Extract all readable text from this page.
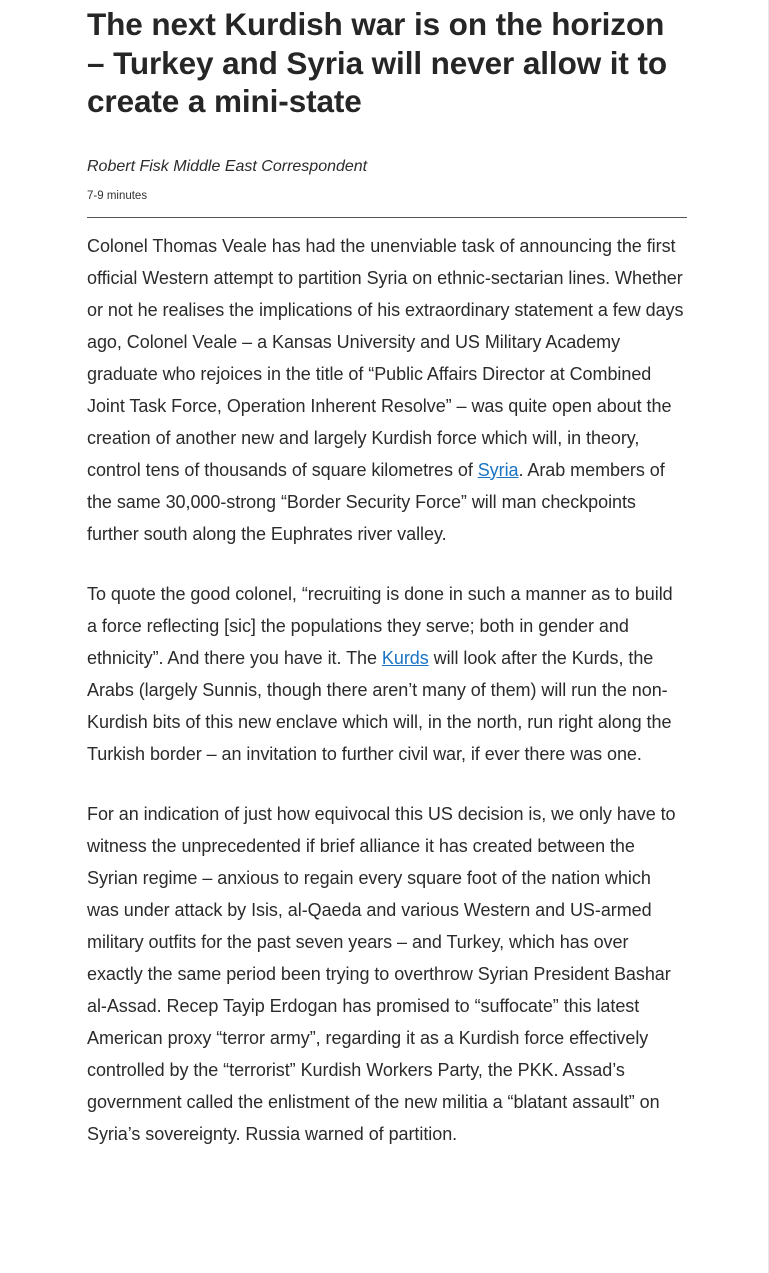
The next Kurdish war is on the horizon – Turkey and Syria will never allow it to create a mini-state
Robert Fisk Middle East Correspondent
7-9 minutes

Colonel Thomas Veale has had the unenviable task of announcing the first official Western attempt to partition Syria on ethnic-sectarian lines. Whether or not he realises the implications of his extraordinary statement a few days ago, Colonel Veale – a Kansas University and US Military Academy graduate who rejoices in the title of “Public Affairs Director at Combined Joint Task Force, Operation Inherent Resolve” – was quite open about the creation of another new and largely Kurdish force which will, in theory, control tens of thousands of square kilometres of Syria. Arab members of the same 30,000-strong “Border Security Force” will man checkpoints further south along the Euphrates river valley.

To quote the good colonel, “recruiting is done in such a manner as to build a force reflecting [sic] the populations they serve; both in gender and ethnicity”. And there you have it. The Kurds will look after the Kurds, the Arabs (largely Sunnis, though there aren’t many of them) will run the non-Kurdish bits of this new enclave which will, in the north, run right along the Turkish border – an invitation to further civil war, if ever there was one.

For an indication of just how equivocal this US decision is, we only have to witness the unprecedented if brief alliance it has created between the Syrian regime – anxious to regain every square foot of the nation which was under attack by Isis, al-Qaeda and various Western and US-armed military outfits for the past seven years – and Turkey, which has over exactly the same period been trying to overthrow Syrian President Bashar al-Assad. Recep Tayip Erdogan has promised to “suffocate” this latest American proxy “terror army”, regarding it as a Kurdish force effectively controlled by the “terrorist” Kurdish Workers Party, the PKK. Assad’s government called the enlistment of the new militia a “blatant assault” on Syria’s sovereignty. Russia warned of partition.
